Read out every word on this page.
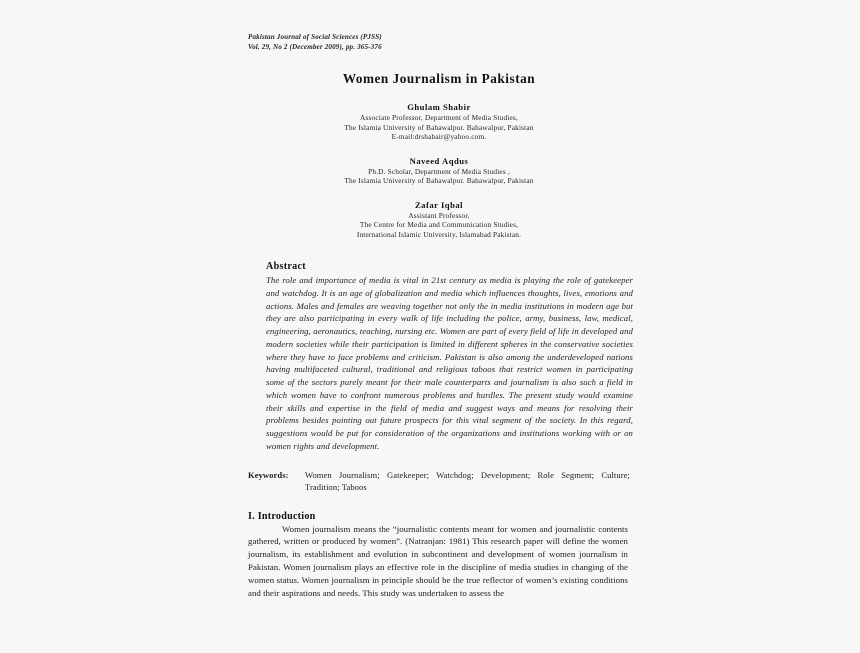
Pakistan Journal of Social Sciences (PJSS)
Vol. 29, No 2 (December 2009), pp. 365-376
Women Journalism in Pakistan
Ghulam Shabir
Associate Professor, Department of Media Studies,
The Islamia University of Bahawalpur. Bahawalpur, Pakistan
E-mail:drshabair@yahoo.com.
Naveed Aqdus
Ph.D. Scholar, Department of Media Studies ,
The Islamia University of Bahawalpur. Bahawalpur, Pakistan
Zafar Iqbal
Assistant Professor,
The Centre for Media and Communication Studies,
International Islamic University, Islamabad Pakistan.
Abstract
The role and importance of media is vital in 21st century as media is playing the role of gatekeeper and watchdog. It is an age of globalization and media which influences thoughts, lives, emotions and actions. Males and females are weaving together not only the in media institutions in modern age but they are also participating in every walk of life including the police, army, business, law, medical, engineering, aeronautics, teaching, nursing etc. Women are part of every field of life in developed and modern societies while their participation is limited in different spheres in the conservative societies where they have to face problems and criticism. Pakistan is also among the underdeveloped nations having multifaceted cultural, traditional and religious taboos that restrict women in participating some of the sectors purely meant for their male counterparts and journalism is also such a field in which women have to confront numerous problems and hurdles. The present study would examine their skills and expertise in the field of media and suggest ways and means for resolving their problems besides pointing out future prospects for this vital segment of the society. In this regard, suggestions would be put for consideration of the organizations and institutions working with or on women rights and development.
Keywords:	Women Journalism; Gatekeeper; Watchdog; Development; Role Segment; Culture; Tradition; Taboos
I. Introduction
Women journalism means the “journalistic contents meant for women and journalistic contents gathered, written or produced by women”. (Natranjan: 1981) This research paper will define the women journalism, its establishment and evolution in subcontinent and development of women journalism in Pakistan. Women journalism plays an effective role in the discipline of media studies in changing of the women status. Women journalism in principle should be the true reflector of women’s existing conditions and their aspirations and needs. This study was undertaken to assess the
